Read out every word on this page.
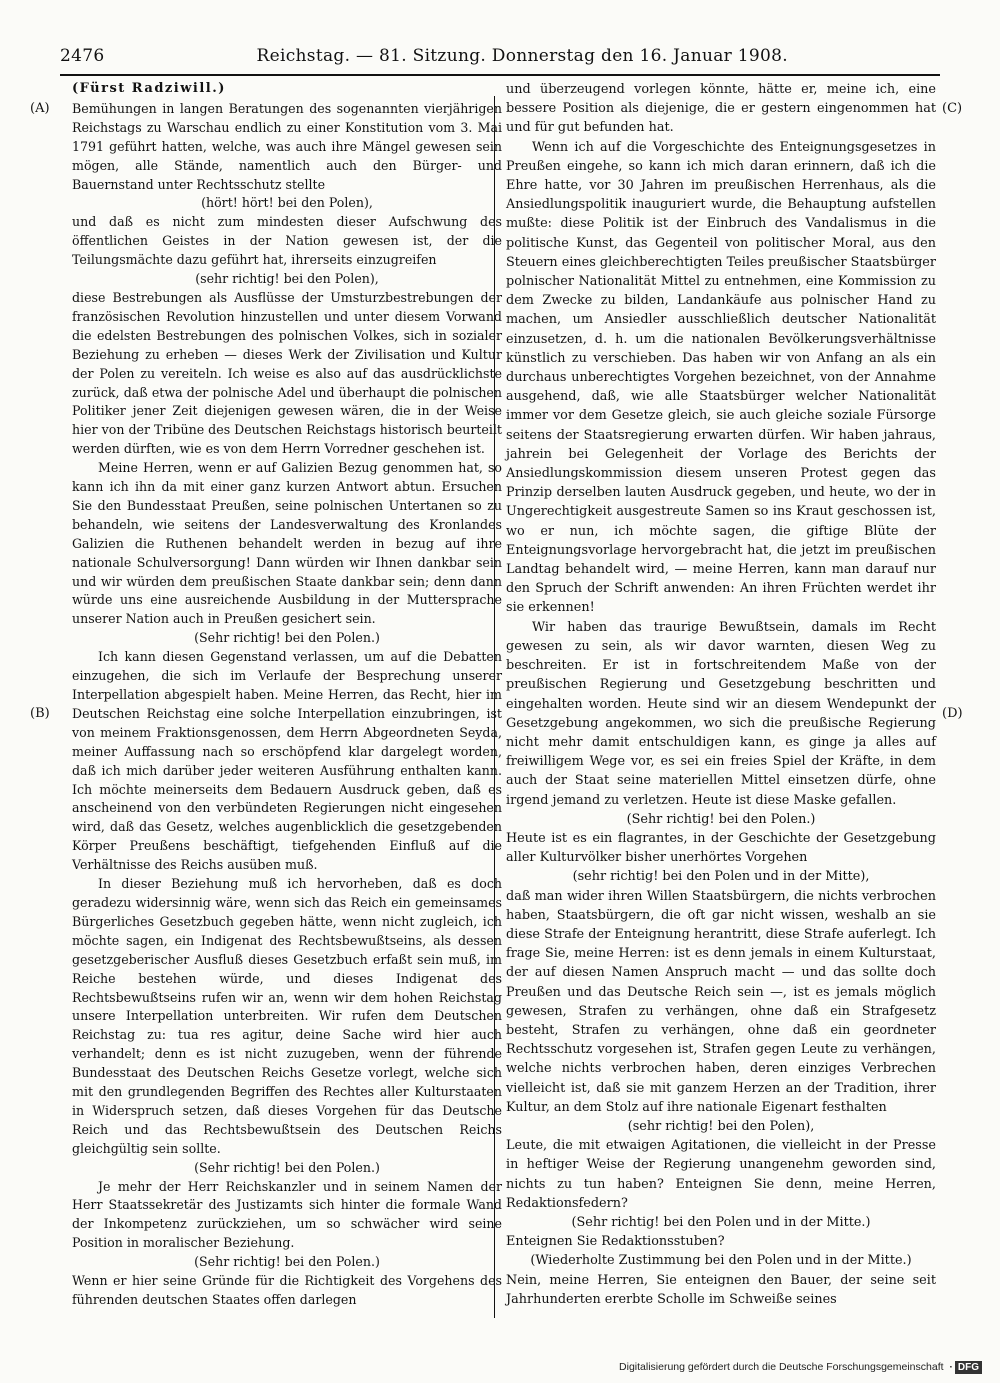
2476	Reichstag. — 81. Sitzung. Donnerstag den 16. Januar 1908.
(A)
(B)
(C)
(D)
(Fürst Radziwill.)

Bemühungen in langen Beratungen des sogenannten vierjährigen Reichstags zu Warschau endlich zu einer Konstitution vom 3. Mai 1791 geführt hatten, welche, was auch ihre Mängel gewesen sein mögen, alle Stände, namentlich auch den Bürger- und Bauernstand unter Rechtsschutz stellte

(hört! hört! bei den Polen),

und daß es nicht zum mindesten dieser Aufschwung des öffentlichen Geistes in der Nation gewesen ist, der die Teilungsmächte dazu geführt hat, ihrerseits einzugreifen

(sehr richtig! bei den Polen),

diese Bestrebungen als Ausflüsse der Umsturzbestrebungen der französischen Revolution hinzustellen und unter diesem Vorwand die edelsten Bestrebungen des polnischen Volkes, sich in sozialer Beziehung zu erheben — dieses Werk der Zivilisation und Kultur der Polen zu vereiteln. Ich weise es also auf das ausdrücklichste zurück, daß etwa der polnische Adel und überhaupt die polnischen Politiker jener Zeit diejenigen gewesen wären, die in der Weise hier von der Tribüne des Deutschen Reichstags historisch beurteilt werden dürften, wie es von dem Herrn Vorredner geschehen ist.

Meine Herren, wenn er auf Galizien Bezug genommen hat, so kann ich ihn da mit einer ganz kurzen Antwort abtun. Ersuchen Sie den Bundesstaat Preußen, seine polnischen Untertanen so zu behandeln, wie seitens der Landesverwaltung des Kronlandes Galizien die Ruthenen behandelt werden in bezug auf ihre nationale Schulversorgung! Dann würden wir Ihnen dankbar sein und wir würden dem preußischen Staate dankbar sein; denn dann würde uns eine ausreichende Ausbildung in der Muttersprache unserer Nation auch in Preußen gesichert sein.

(Sehr richtig! bei den Polen.)

Ich kann diesen Gegenstand verlassen, um auf die Debatten einzugehen, die sich im Verlaufe der Besprechung unserer Interpellation abgespielt haben. Meine Herren, das Recht, hier im Deutschen Reichstag eine solche Interpellation einzubringen, ist von meinem Fraktionsgenossen, dem Herrn Abgeordneten Seyda, meiner Auffassung nach so erschöpfend klar dargelegt worden, daß ich mich darüber jeder weiteren Ausführung enthalten kann. Ich möchte meinerseits dem Bedauern Ausdruck geben, daß es anscheinend von den verbündeten Regierungen nicht eingesehen wird, daß das Gesetz, welches augenblicklich die gesetzgebenden Körper Preußens beschäftigt, tiefgehenden Einfluß auf die Verhältnisse des Reichs ausüben muß.

In dieser Beziehung muß ich hervorheben, daß es doch geradezu widersinnig wäre, wenn sich das Reich ein gemeinsames Bürgerliches Gesetzbuch gegeben hätte, wenn nicht zugleich, ich möchte sagen, ein Indigenat des Rechtsbewußtseins, als dessen gesetzgeberischer Ausfluß dieses Gesetzbuch erfaßt sein muß, im Reiche bestehen würde, und dieses Indigenat des Rechtsbewußtseins rufen wir an, wenn wir dem hohen Reichstag unsere Interpellation unterbreiten. Wir rufen dem Deutschen Reichstag zu: tua res agitur, deine Sache wird hier auch verhandelt; denn es ist nicht zuzugeben, wenn der führende Bundesstaat des Deutschen Reichs Gesetze vorlegt, welche sich mit den grundlegenden Begriffen des Rechtes aller Kulturstaaten in Widerspruch setzen, daß dieses Vorgehen für das Deutsche Reich und das Rechtsbewußtsein des Deutschen Reichs gleichgültig sein sollte.

(Sehr richtig! bei den Polen.)

Je mehr der Herr Reichskanzler und in seinem Namen der Herr Staatssekretär des Justizamts sich hinter die formale Wand der Inkompetenz zurückziehen, um so schwächer wird seine Position in moralischer Beziehung.

(Sehr richtig! bei den Polen.)

Wenn er hier seine Gründe für die Richtigkeit des Vorgehens des führenden deutschen Staates offen darlegen

und überzeugend vorlegen könnte, hätte er, meine ich, eine bessere Position als diejenige, die er gestern eingenommen hat und für gut befunden hat.

Wenn ich auf die Vorgeschichte des Enteignungsgesetzes in Preußen eingehe, so kann ich mich daran erinnern, daß ich die Ehre hatte, vor 30 Jahren im preußischen Herrenhaus, als die Ansiedlungspolitik inauguriert wurde, die Behauptung aufstellen mußte: diese Politik ist der Einbruch des Vandalismus in die politische Kunst, das Gegenteil von politischer Moral, aus den Steuern eines gleichberechtigten Teiles preußischer Staatsbürger polnischer Nationalität Mittel zu entnehmen, eine Kommission zu dem Zwecke zu bilden, Landankäufe aus polnischer Hand zu machen, um Ansiedler ausschließlich deutscher Nationalität einzusetzen, d. h. um die nationalen Bevölkerungsverhältnisse künstlich zu verschieben. Das haben wir von Anfang an als ein durchaus unberechtigtes Vorgehen bezeichnet, von der Annahme ausgehend, daß, wie alle Staatsbürger welcher Nationalität immer vor dem Gesetze gleich, sie auch gleiche soziale Fürsorge seitens der Staatsregierung erwarten dürfen. Wir haben jahraus, jahrein bei Gelegenheit der Vorlage des Berichts der Ansiedlungskommission diesem unseren Protest gegen das Prinzip derselben lauten Ausdruck gegeben, und heute, wo der in Ungerechtigkeit ausgestreute Samen so ins Kraut geschossen ist, wo er nun, ich möchte sagen, die giftige Blüte der Enteignungsvorlage hervorgebracht hat, die jetzt im preußischen Landtag behandelt wird, — meine Herren, kann man darauf nur den Spruch der Schrift anwenden: An ihren Früchten werdet ihr sie erkennen!

Wir haben das traurige Bewußtsein, damals im Recht gewesen zu sein, als wir davor warnten, diesen Weg zu beschreiten. Er ist in fortschreitendem Maße von der preußischen Regierung und Gesetzgebung beschritten und eingehalten worden. Heute sind wir an diesem Wendepunkt der Gesetzgebung angekommen, wo sich die preußische Regierung nicht mehr damit entschuldigen kann, es ginge ja alles auf freiwilligem Wege vor, es sei ein freies Spiel der Kräfte, in dem auch der Staat seine materiellen Mittel einsetzen dürfe, ohne irgend jemand zu verletzen. Heute ist diese Maske gefallen.

(Sehr richtig! bei den Polen.)

Heute ist es ein flagrantes, in der Geschichte der Gesetzgebung aller Kulturvölker bisher unerhörtes Vorgehen

(sehr richtig! bei den Polen und in der Mitte),

daß man wider ihren Willen Staatsbürgern, die nichts verbrochen haben, Staatsbürgern, die oft gar nicht wissen, weshalb an sie diese Strafe der Enteignung herantritt, diese Strafe auferlegt. Ich frage Sie, meine Herren: ist es denn jemals in einem Kulturstaat, der auf diesen Namen Anspruch macht — und das sollte doch Preußen und das Deutsche Reich sein —, ist es jemals möglich gewesen, Strafen zu verhängen, ohne daß ein Strafgesetz besteht, Strafen zu verhängen, ohne daß ein geordneter Rechtsschutz vorgesehen ist, Strafen gegen Leute zu verhängen, welche nichts verbrochen haben, deren einziges Verbrechen vielleicht ist, daß sie mit ganzem Herzen an der Tradition, ihrer Kultur, an dem Stolz auf ihre nationale Eigenart festhalten

(sehr richtig! bei den Polen),

Leute, die mit etwaigen Agitationen, die vielleicht in der Presse in heftiger Weise der Regierung unangenehm geworden sind, nichts zu tun haben? Enteignen Sie denn, meine Herren, Redaktionsfedern?

(Sehr richtig! bei den Polen und in der Mitte.)

Enteignen Sie Redaktionsstuben?

(Wiederholte Zustimmung bei den Polen und in der Mitte.)

Nein, meine Herren, Sie enteignen den Bauer, der seine seit Jahrhunderten ererbte Scholle im Schweiße seines

Digitalisierung gefördert durch die Deutsche Forschungsgemeinschaft · DFG
